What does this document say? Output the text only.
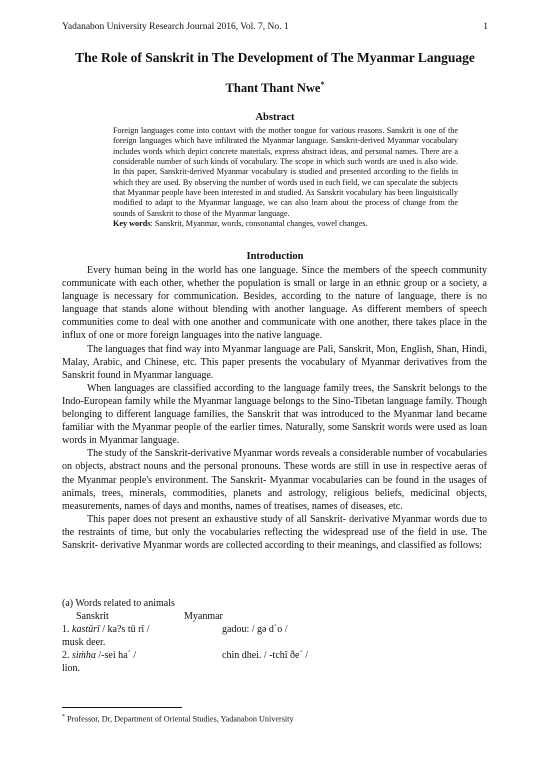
Yadanabon University Research Journal 2016, Vol. 7, No. 1	1
The Role of Sanskrit in The Development of The Myanmar Language
Thant Thant Nwe*
Abstract

Foreign languages come into contavt with the mother tongue for various reasons. Sanskrit is one of the foreign languages which have infiltrated the Myanmar language. Sanskrit-derived Myanmar vocabulary includes words which depict concrete materials, express abstract ideas, and personal names. There are a considerable number of such kinds of vocabulary. The scope in which such words are used is also wide. In this paper, Sanskrit-derived Myanmar vocabulary is studied and presented according to the fields in which they are used. By observing the number of words used in each field, we can speculate the subjects that Myanmar people have been interested in and studied. As Sanskrit vocabulary has been linguistically modified to adapt to the Myanmar language, we can also learn about the process of change from the sounds of Sanskrit to those of the Myanmar language.
Key words: Sanskrit, Myanmar, words, consonantal changes, vowel changes.

Introduction

Every human being in the world has one language. Since the members of the speech community communicate with each other, whether the population is small or large in an ethnic group or a society, a language is necessary for communication. Besides, according to the nature of language, there is no language that stands alone without blending with another language. As different members of speech communities come to deal with one another and communicate with one another, there takes place in the influx of one or more foreign languages into the native language.

The languages that find way into Myanmar language are Pali, Sanskrit, Mon, English, Shan, Hindi, Malay, Arabic, and Chinese, etc. This paper presents the vocabulary of Myanmar derivatives from the Sanskrit found in Myanmar language.

When languages are classified according to the language family trees, the Sanskrit belongs to the Indo-European family while the Myanmar language belongs to the Sino-Tibetan language family. Though belonging to different language families, the Sanskrit that was introduced to the Myanmar land became familiar with the Myanmar people of the earlier times. Naturally, some Sanskrit words were used as loan words in Myanmar language.

The study of the Sanskrit-derivative Myanmar words reveals a considerable number of vocabularies on objects, abstract nouns and the personal pronouns. These words are still in use in respective aeras of the Myanmar people's environment. The Sanskrit- Myanmar vocabularies can be found in the usages of animals, trees, minerals, commodities, planets and astrology, religious beliefs, medicinal objects, measurements, names of days and months, names of treatises, names of diseases, etc.

This paper does not present an exhaustive study of all Sanskrit- derivative Myanmar words due to the restraints of time, but only the vocabularies reflecting the widespread use of the field in use. The Sanskrit- derivative Myanmar words are collected according to their meanings, and classified as follows:

(a) Words related to animals
Sanskrit	Myanmar
1. kastūrī / ka?s tū rī /	gadou: / gə d`o /
musk deer.
2. siṁha /-sei ha´ /	chin dhei. / -tchî ðe´ /
lion.
* Professor, Dr, Department of Oriental Studies, Yadanabon University
